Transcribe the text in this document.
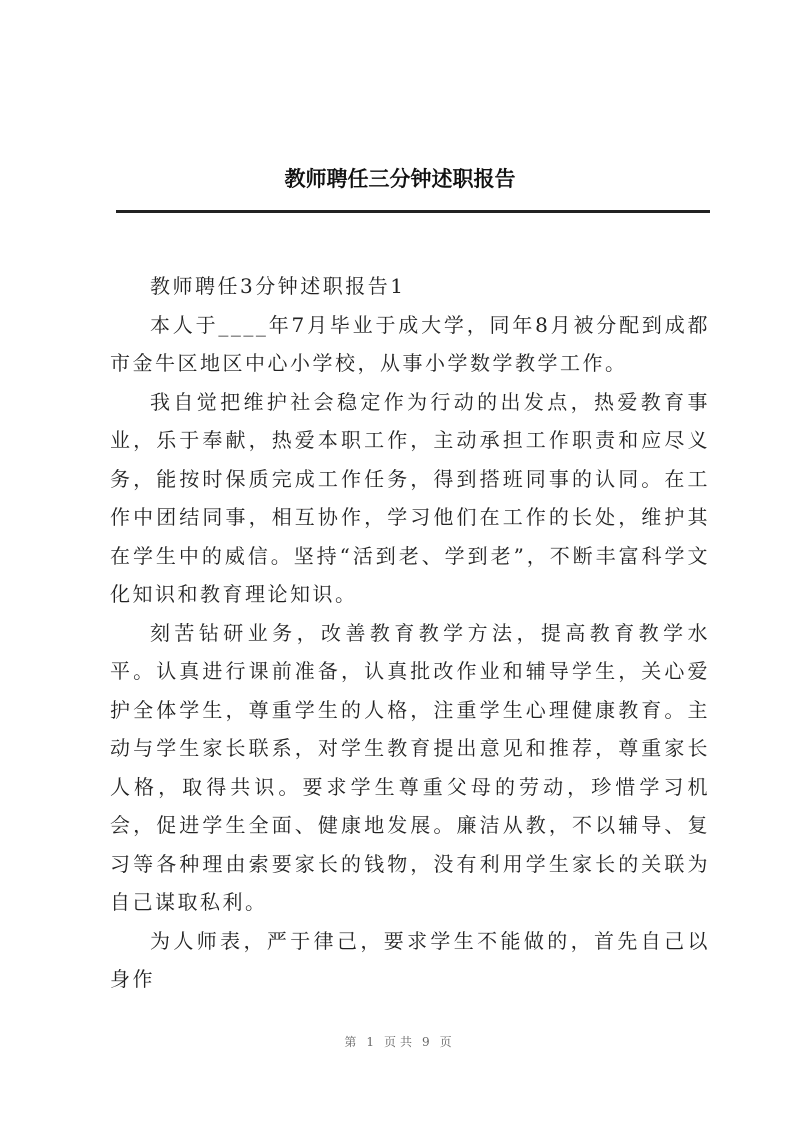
教师聘任三分钟述职报告

教师聘任3分钟述职报告1

本人于____年7月毕业于成大学，同年8月被分配到成都市金牛区地区中心小学校，从事小学数学教学工作。

我自觉把维护社会稳定作为行动的出发点，热爱教育事业，乐于奉献，热爱本职工作，主动承担工作职责和应尽义务，能按时保质完成工作任务，得到搭班同事的认同。在工作中团结同事，相互协作，学习他们在工作的长处，维护其在学生中的威信。坚持“活到老、学到老”，不断丰富科学文化知识和教育理论知识。

刻苦钻研业务，改善教育教学方法，提高教育教学水平。认真进行课前准备，认真批改作业和辅导学生，关心爱护全体学生，尊重学生的人格，注重学生心理健康教育。主动与学生家长联系，对学生教育提出意见和推荐，尊重家长人格，取得共识。要求学生尊重父母的劳动，珍惜学习机会，促进学生全面、健康地发展。廉洁从教，不以辅导、复习等各种理由索要家长的钱物，没有利用学生家长的关联为自己谋取私利。

为人师表，严于律己，要求学生不能做的，首先自己以身作

第 1 页共 9 页
